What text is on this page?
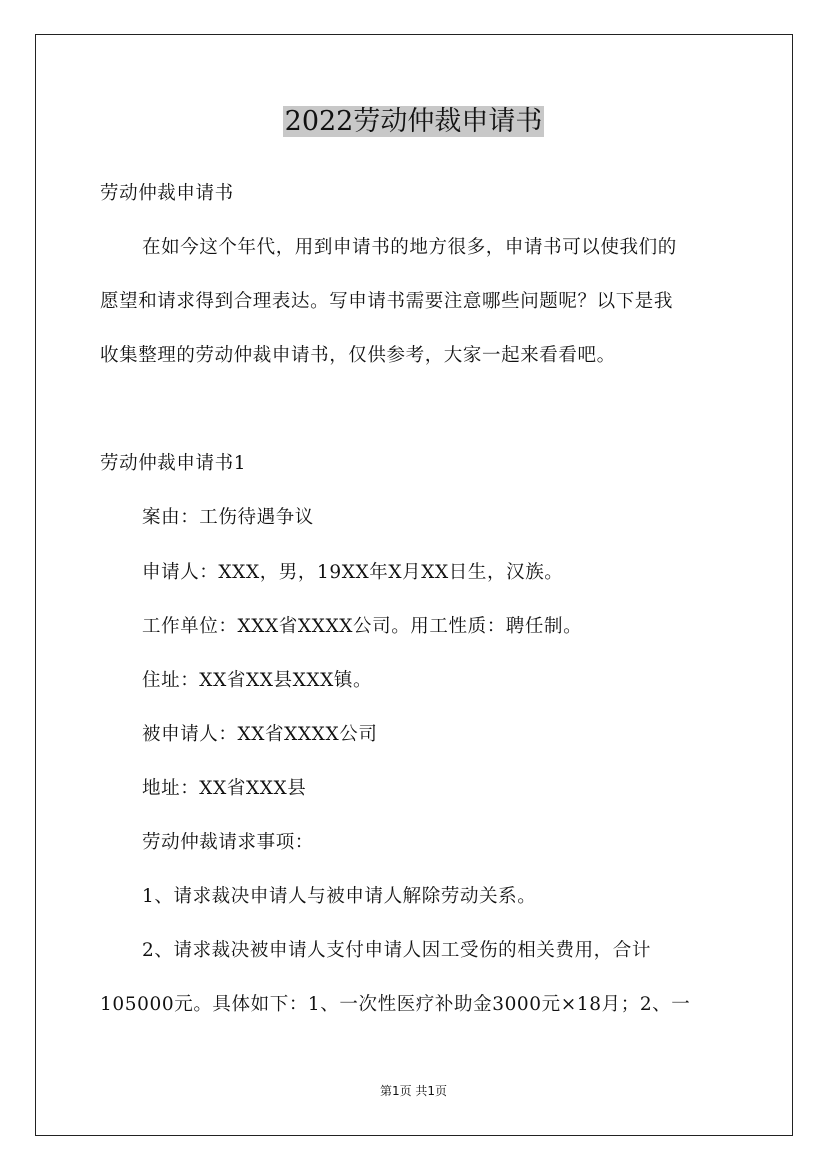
2022劳动仲裁申请书
劳动仲裁申请书
在如今这个年代，用到申请书的地方很多，申请书可以使我们的
愿望和请求得到合理表达。写申请书需要注意哪些问题呢？以下是我
收集整理的劳动仲裁申请书，仅供参考，大家一起来看看吧。
劳动仲裁申请书1
案由：工伤待遇争议
申请人：XXX，男，19XX年X月XX日生，汉族。
工作单位：XXX省XXXX公司。用工性质：聘任制。
住址：XX省XX县XXX镇。
被申请人：XX省XXXX公司
地址：XX省XXX县
劳动仲裁请求事项：
1、请求裁决申请人与被申请人解除劳动关系。
2、请求裁决被申请人支付申请人因工受伤的相关费用，合计
105000元。具体如下：1、一次性医疗补助金3000元×18月；2、一
第1页 共1页
